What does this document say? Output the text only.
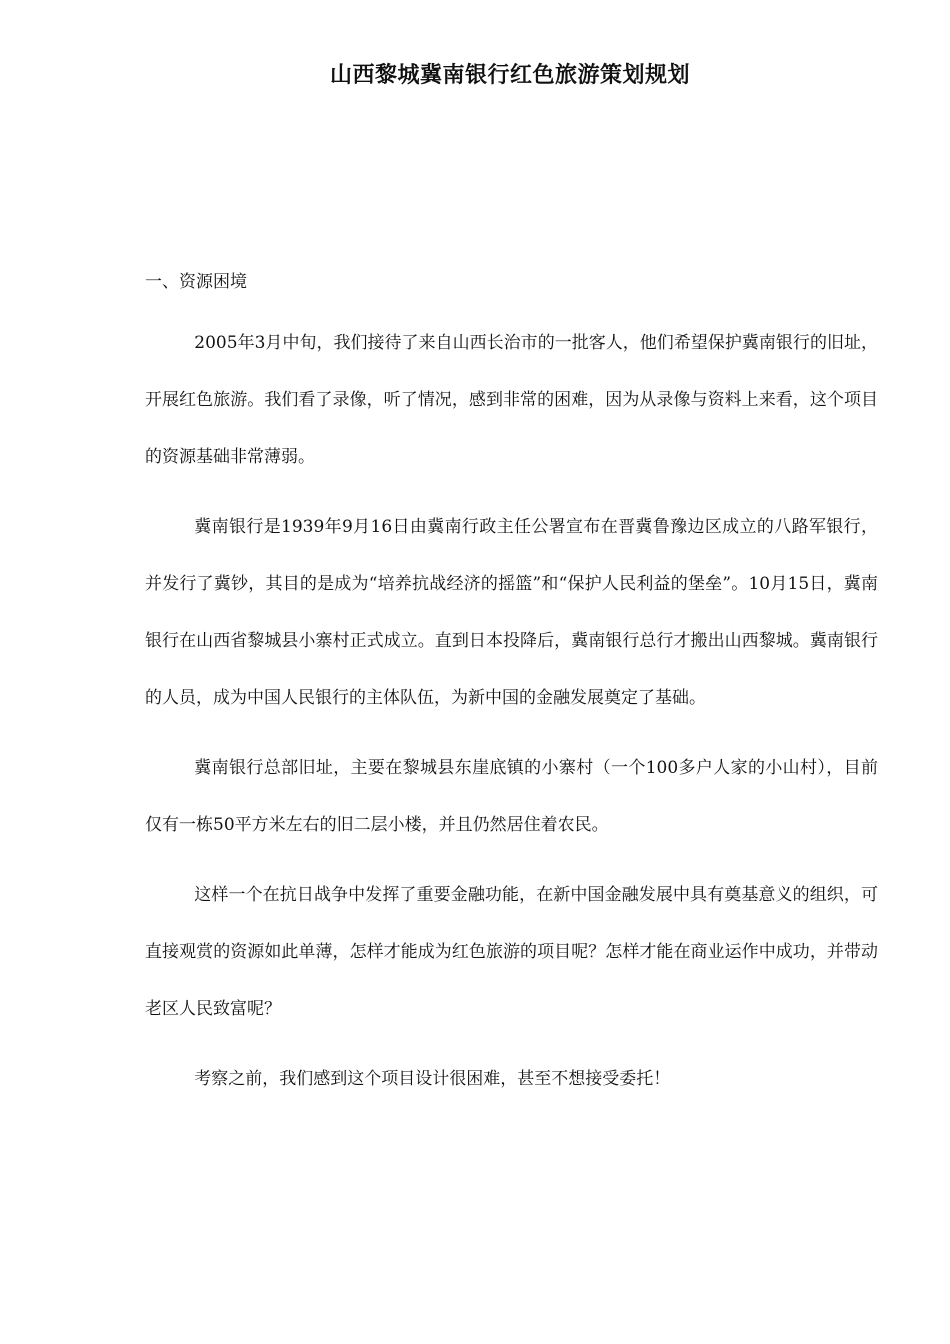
山西黎城冀南银行红色旅游策划规划
一、资源困境

2005年3月中旬，我们接待了来自山西长治市的一批客人，他们希望保护冀南银行的旧址，开展红色旅游。我们看了录像，听了情况，感到非常的困难，因为从录像与资料上来看，这个项目的资源基础非常薄弱。

冀南银行是1939年9月16日由冀南行政主任公署宣布在晋冀鲁豫边区成立的八路军银行，并发行了冀钞，其目的是成为“培养抗战经济的摇篮”和“保护人民利益的堡垒”。10月15日，冀南银行在山西省黎城县小寨村正式成立。直到日本投降后，冀南银行总行才搬出山西黎城。冀南银行的人员，成为中国人民银行的主体队伍，为新中国的金融发展奠定了基础。

冀南银行总部旧址，主要在黎城县东崖底镇的小寨村（一个100多户人家的小山村），目前仅有一栋50平方米左右的旧二层小楼，并且仍然居住着农民。

这样一个在抗日战争中发挥了重要金融功能，在新中国金融发展中具有奠基意义的组织，可直接观赏的资源如此单薄，怎样才能成为红色旅游的项目呢？怎样才能在商业运作中成功，并带动老区人民致富呢？

考察之前，我们感到这个项目设计很困难，甚至不想接受委托！
